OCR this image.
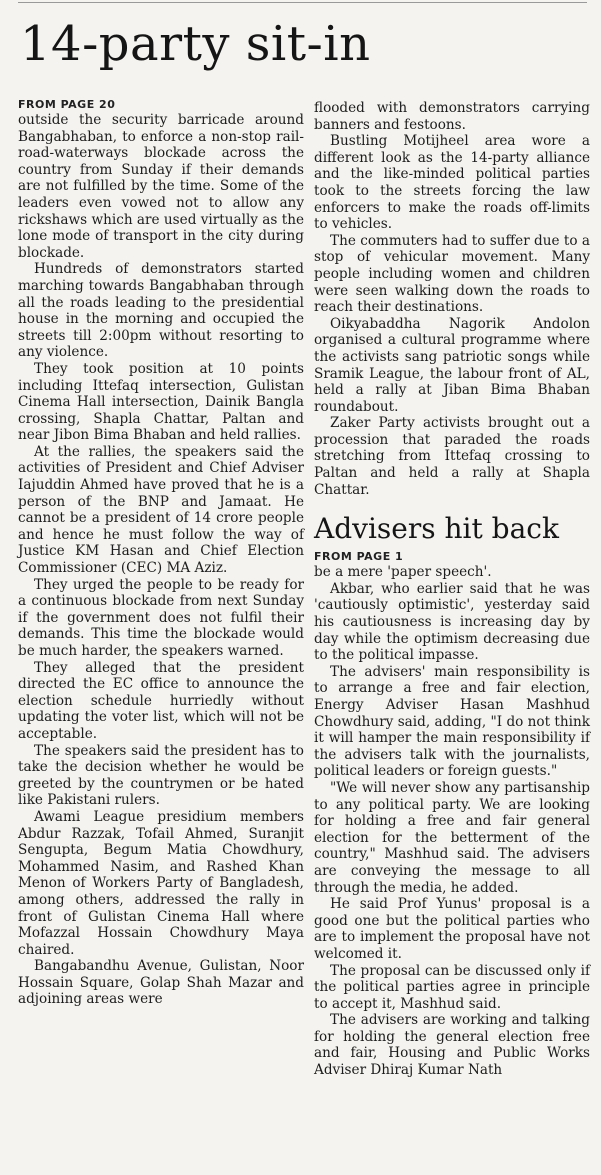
14-party sit-in

FROM PAGE 20

outside the security barricade around Bangabhaban, to enforce a non-stop rail-road-waterways blockade across the country from Sunday if their demands are not fulfilled by the time. Some of the leaders even vowed not to allow any rickshaws which are used virtually as the lone mode of transport in the city during blockade.

Hundreds of demonstrators started marching towards Bangabhaban through all the roads leading to the presidential house in the morning and occupied the streets till 2:00pm without resorting to any violence.

They took position at 10 points including Ittefaq intersection, Gulistan Cinema Hall intersection, Dainik Bangla crossing, Shapla Chattar, Paltan and near Jibon Bima Bhaban and held rallies.

At the rallies, the speakers said the activities of President and Chief Adviser Iajuddin Ahmed have proved that he is a person of the BNP and Jamaat. He cannot be a president of 14 crore people and hence he must follow the way of Justice KM Hasan and Chief Election Commissioner (CEC) MA Aziz.

They urged the people to be ready for a continuous blockade from next Sunday if the government does not fulfil their demands. This time the blockade would be much harder, the speakers warned.

They alleged that the president directed the EC office to announce the election schedule hurriedly without updating the voter list, which will not be acceptable.

The speakers said the president has to take the decision whether he would be greeted by the countrymen or be hated like Pakistani rulers.

Awami League presidium members Abdur Razzak, Tofail Ahmed, Suranjit Sengupta, Begum Matia Chowdhury, Mohammed Nasim, and Rashed Khan Menon of Workers Party of Bangladesh, among others, addressed the rally in front of Gulistan Cinema Hall where Mofazzal Hossain Chowdhury Maya chaired.

Bangabandhu Avenue, Gulistan, Noor Hossain Square, Golap Shah Mazar and adjoining areas were

flooded with demonstrators carrying banners and festoons.

Bustling Motijheel area wore a different look as the 14-party alliance and the like-minded political parties took to the streets forcing the law enforcers to make the roads off-limits to vehicles.

The commuters had to suffer due to a stop of vehicular movement. Many people including women and children were seen walking down the roads to reach their destinations.

Oikyabaddha Nagorik Andolon organised a cultural programme where the activists sang patriotic songs while Sramik League, the labour front of AL, held a rally at Jiban Bima Bhaban roundabout.

Zaker Party activists brought out a procession that paraded the roads stretching from Ittefaq crossing to Paltan and held a rally at Shapla Chattar.

Advisers hit back

FROM PAGE 1

be a mere 'paper speech'.

Akbar, who earlier said that he was 'cautiously optimistic', yesterday said his cautiousness is increasing day by day while the optimism decreasing due to the political impasse.

The advisers' main responsibility is to arrange a free and fair election, Energy Adviser Hasan Mashhud Chowdhury said, adding, "I do not think it will hamper the main responsibility if the advisers talk with the journalists, political leaders or foreign guests."

"We will never show any partisanship to any political party. We are looking for holding a free and fair general election for the betterment of the country," Mashhud said. The advisers are conveying the message to all through the media, he added.

He said Prof Yunus' proposal is a good one but the political parties who are to implement the proposal have not welcomed it.

The proposal can be discussed only if the political parties agree in principle to accept it, Mashhud said.

The advisers are working and talking for holding the general election free and fair, Housing and Public Works Adviser Dhiraj Kumar Nath
